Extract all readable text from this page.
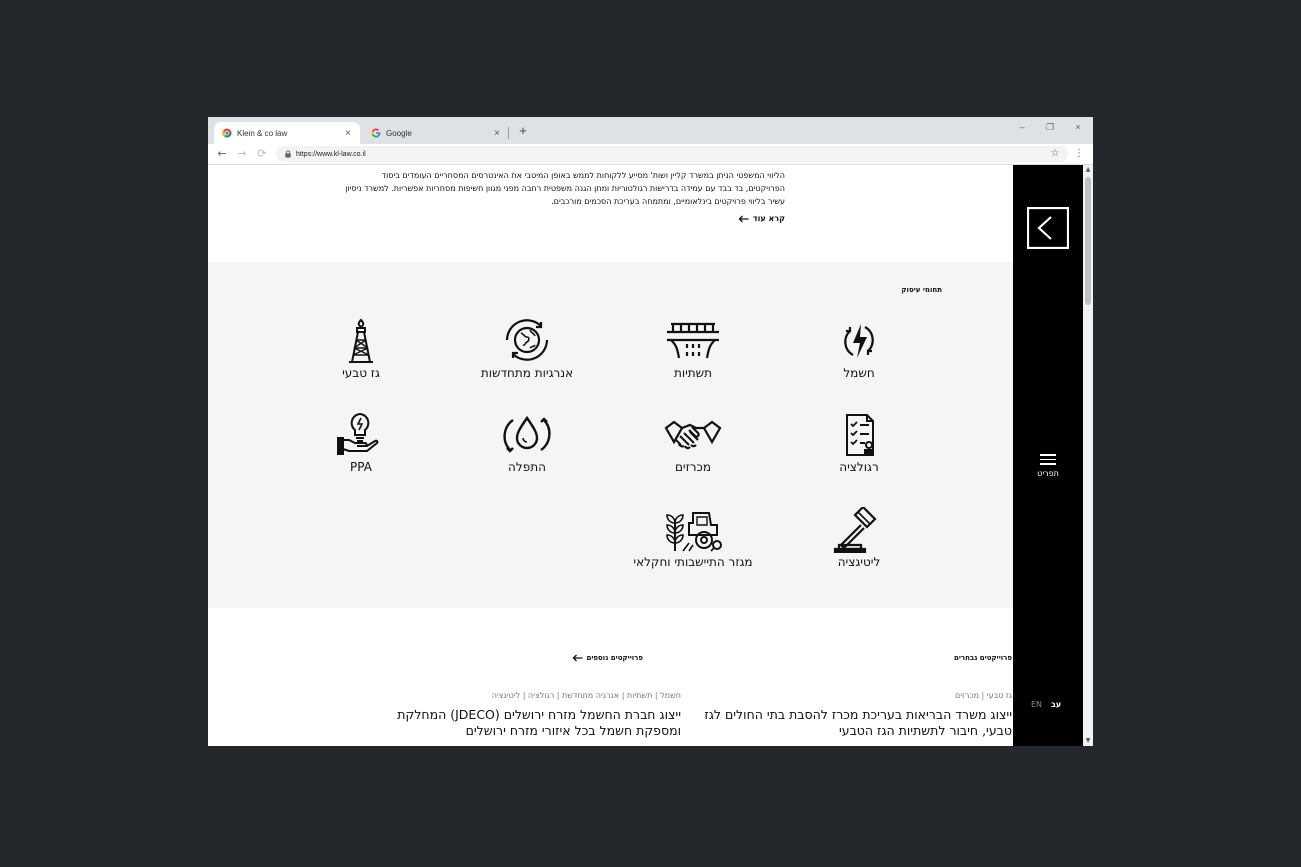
Klein & co law	×	Google	×	+	–	❐	×
← → ⟳	https://www.kl-law.co.il	☆	⋮

הליווי המשפטי הניתן במשרד קליין ושות' מסייע ללקוחות לממש באופן המיטבי את האינטרסים המסחריים העומדים ביסוד הפרויקטים, בד בבד עם עמידה בדרישות רגולטוריות ומתן הגנה משפטית רחבה מפני מגוון חשיפות מסחריות אפשריות. למשרד ניסיון עשיר בליווי פרויקטים בינלאומיים, ומתמחה בעריכת הסכמים מורכבים.

קרא עוד
תחומי עיסוק
חשמל
תשתיות
אנרגיות מתחדשות
גז טבעי
רגולציה
מכרזים
התפלה
PPA
ליטיגציה
מגזר התיישבותי וחקלאי
פרוייקטים נבחרים
פרוייקטים נוספים
גז טבעי | מכרזים
ייצוג משרד הבריאות בעריכת מכרז להסבת בתי החולים לגז טבעי, חיבור לתשתיות הגז הטבעי
חשמל | תשתיות | אנרגיה מתחדשת | רגולציה | ליטיגציה
ייצוג חברת החשמל מזרח ירושלים (JDECO) המחלקת ומספקת חשמל בכל איזורי מזרח ירושלים
תפריט
EN עב
▲
▼
